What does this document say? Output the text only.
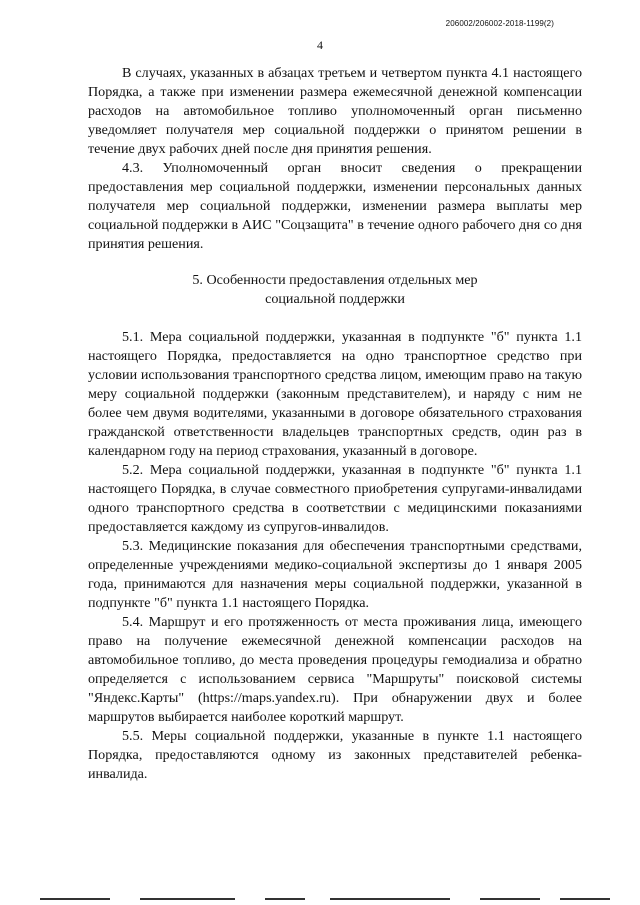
206002/206002-2018-1199(2)
4

В случаях, указанных в абзацах третьем и четвертом пункта 4.1 настоящего Порядка, а также при изменении размера ежемесячной денежной компенсации расходов на автомобильное топливо уполномоченный орган письменно уведомляет получателя мер социальной поддержки о принятом решении в течение двух рабочих дней после дня принятия решения.

4.3. Уполномоченный орган вносит сведения о прекращении предоставления мер социальной поддержки, изменении персональных данных получателя мер социальной поддержки, изменении размера выплаты мер социальной поддержки в АИС "Соцзащита" в течение одного рабочего дня со дня принятия решения.

5. Особенности предоставления отдельных мер
социальной поддержки

5.1. Мера социальной поддержки, указанная в подпункте "б" пункта 1.1 настоящего Порядка, предоставляется на одно транспортное средство при условии использования транспортного средства лицом, имеющим право на такую меру социальной поддержки (законным представителем), и наряду с ним не более чем двумя водителями, указанными в договоре обязательного страхования гражданской ответственности владельцев транспортных средств, один раз в календарном году на период страхования, указанный в договоре.

5.2. Мера социальной поддержки, указанная в подпункте "б" пункта 1.1 настоящего Порядка, в случае совместного приобретения супругами-инвалидами одного транспортного средства в соответствии с медицинскими показаниями предоставляется каждому из супругов-инвалидов.

5.3. Медицинские показания для обеспечения транспортными средствами, определенные учреждениями медико-социальной экспертизы до 1 января 2005 года, принимаются для назначения меры социальной поддержки, указанной в подпункте "б" пункта 1.1 настоящего Порядка.

5.4. Маршрут и его протяженность от места проживания лица, имеющего право на получение ежемесячной денежной компенсации расходов на автомобильное топливо, до места проведения процедуры гемодиализа и обратно определяется с использованием сервиса "Маршруты" поисковой системы "Яндекс.Карты" (https://maps.yandex.ru). При обнаружении двух и более маршрутов выбирается наиболее короткий маршрут.

5.5. Меры социальной поддержки, указанные в пункте 1.1 настоящего Порядка, предоставляются одному из законных представителей ребенка-инвалида.
